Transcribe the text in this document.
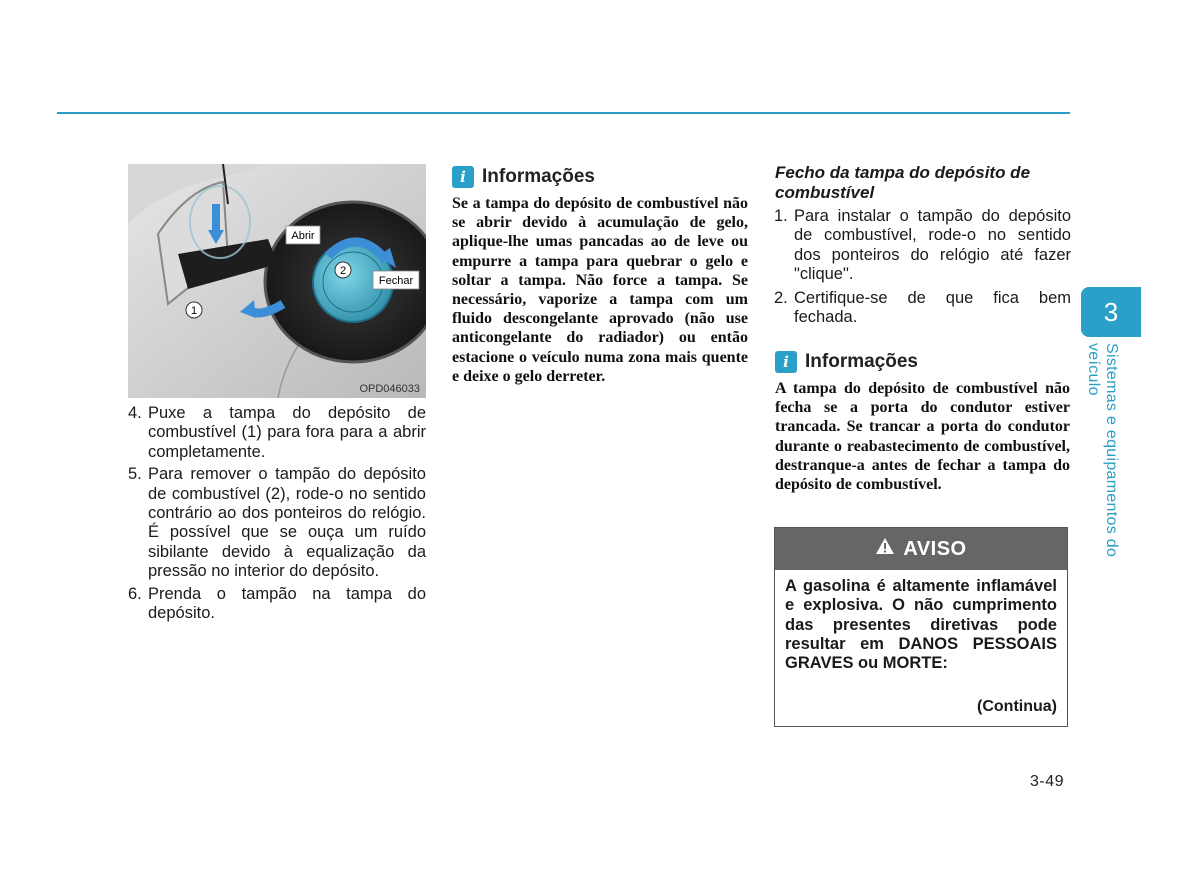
Abrir
Fechar
2
1
OPD046033
4. Puxe a tampa do depósito de combustível (1) para fora para a abrir completamente.
5. Para remover o tampão do depósito de combustível (2), rode-o no sentido contrário ao dos ponteiros do relógio. É possível que se ouça um ruído sibilante devido à equalização da pressão no interior do depósito.
6. Prenda o tampão na tampa do depósito.
i Informações
Se a tampa do depósito de combustível não se abrir devido à acumulação de gelo, aplique-lhe umas pancadas ao de leve ou empurre a tampa para quebrar o gelo e soltar a tampa. Não force a tampa. Se necessário, vaporize a tampa com um fluido descongelante aprovado (não use anticongelante do radiador) ou então estacione o veículo numa zona mais quente e deixe o gelo derreter.
Fecho da tampa do depósito de combustível
1. Para instalar o tampão do depósito de combustível, rode-o no sentido dos ponteiros do relógio até fazer "clique".
2. Certifique-se de que fica bem fechada.
i Informações
A tampa do depósito de combustível não fecha se a porta do condutor estiver trancada. Se trancar a porta do condutor durante o reabastecimento de combustível, destranque-a antes de fechar a tampa do depósito de combustível.
AVISO
A gasolina é altamente inflamável e explosiva. O não cumprimento das presentes diretivas pode resultar em DANOS PESSOAIS GRAVES ou MORTE:
(Continua)
3
Sistemas e equipamentos do veículo
3-49
